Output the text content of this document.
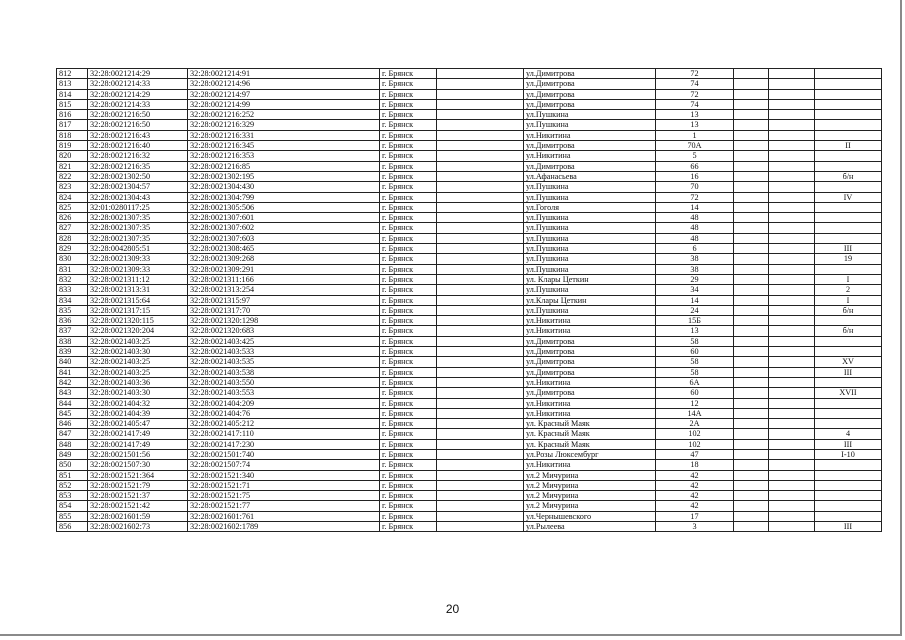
812	32:28:0021214:29	32:28:0021214:91	г. Брянск		ул.Димитрова	72			
813	32:28:0021214:33	32:28:0021214:96	г. Брянск		ул.Димитрова	74			
814	32:28:0021214:29	32:28:0021214:97	г. Брянск		ул.Димитрова	72			
815	32:28:0021214:33	32:28:0021214:99	г. Брянск		ул.Димитрова	74			
816	32:28:0021216:50	32:28:0021216:252	г. Брянск		ул.Пушкина	13			
817	32:28:0021216:50	32:28:0021216:329	г. Брянск		ул.Пушкина	13			
818	32:28:0021216:43	32:28:0021216:331	г. Брянск		ул.Никитина	1			
819	32:28:0021216:40	32:28:0021216:345	г. Брянск		ул.Димитрова	70А			II
820	32:28:0021216:32	32:28:0021216:353	г. Брянск		ул.Никитина	5			
821	32:28:0021216:35	32:28:0021216:85	г. Брянск		ул.Димитрова	66			
822	32:28:0021302:50	32:28:0021302:195	г. Брянск		ул.Афанасьева	16			б/н
823	32:28:0021304:57	32:28:0021304:430	г. Брянск		ул.Пушкина	70			
824	32:28:0021304:43	32:28:0021304:799	г. Брянск		ул.Пушкина	72			IV
825	32:01:0280117:25	32:28:0021305:506	г. Брянск		ул.Гоголя	14			
826	32:28:0021307:35	32:28:0021307:601	г. Брянск		ул.Пушкина	48			
827	32:28:0021307:35	32:28:0021307:602	г. Брянск		ул.Пушкина	48			
828	32:28:0021307:35	32:28:0021307:603	г. Брянск		ул.Пушкина	48			
829	32:28:0042805:51	32:28:0021308:465	г. Брянск		ул.Пушкина	6			III
830	32:28:0021309:33	32:28:0021309:268	г. Брянск		ул.Пушкина	38			19
831	32:28:0021309:33	32:28:0021309:291	г. Брянск		ул.Пушкина	38			
832	32:28:0021311:12	32:28:0021311:166	г. Брянск		ул. Клары Цеткин	29			I
833	32:28:0021313:31	32:28:0021313:254	г. Брянск		ул.Пушкина	34			2
834	32:28:0021315:64	32:28:0021315:97	г. Брянск		ул.Клары Цеткин	14			I
835	32:28:0021317:15	32:28:0021317:70	г. Брянск		ул.Пушкина	24			б/н
836	32:28:0021320:115	32:28:0021320:1298	г. Брянск		ул.Никитина	15Б			
837	32:28:0021320:204	32:28:0021320:683	г. Брянск		ул.Никитина	13			б/н
838	32:28:0021403:25	32:28:0021403:425	г. Брянск		ул.Димитрова	58			
839	32:28:0021403:30	32:28:0021403:533	г. Брянск		ул.Димитрова	60			
840	32:28:0021403:25	32:28:0021403:535	г. Брянск		ул.Димитрова	58			XV
841	32:28:0021403:25	32:28:0021403:538	г. Брянск		ул.Димитрова	58			III
842	32:28:0021403:36	32:28:0021403:550	г. Брянск		ул.Никитина	6А			
843	32:28:0021403:30	32:28:0021403:553	г. Брянск		ул.Димитрова	60			XVII
844	32:28:0021404:32	32:28:0021404:209	г. Брянск		ул.Никитина	12			
845	32:28:0021404:39	32:28:0021404:76	г. Брянск		ул.Никитина	14А			
846	32:28:0021405:47	32:28:0021405:212	г. Брянск		ул. Красный Маяк	2А			
847	32:28:0021417:49	32:28:0021417:110	г. Брянск		ул. Красный Маяк	102			4
848	32:28:0021417:49	32:28:0021417:230	г. Брянск		ул. Красный Маяк	102			III
849	32:28:0021501:56	32:28:0021501:740	г. Брянск		ул.Розы Люксембург	47			I-10
850	32:28:0021507:30	32:28:0021507:74	г. Брянск		ул.Никитина	18			
851	32:28:0021521:364	32:28:0021521:340	г. Брянск		ул.2 Мичурина	42			
852	32:28:0021521:79	32:28:0021521:71	г. Брянск		ул.2 Мичурина	42			
853	32:28:0021521:37	32:28:0021521:75	г. Брянск		ул.2 Мичурина	42			
854	32:28:0021521:42	32:28:0021521:77	г. Брянск		ул.2 Мичурина	42			
855	32:28:0021601:59	32:28:0021601:761	г. Брянск		ул.Чернышевского	17			
856	32:28:0021602:73	32:28:0021602:1789	г. Брянск		ул.Рылеева	3			III
20
